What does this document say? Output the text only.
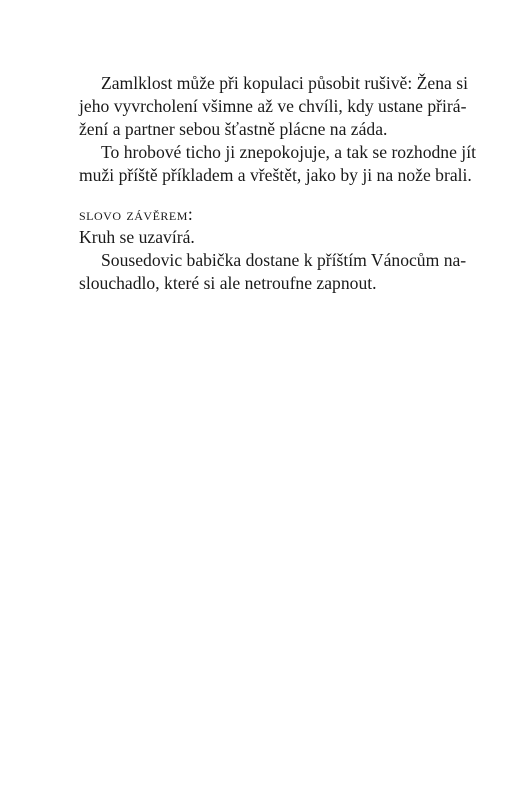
Zamlklost může při kopulaci působit rušivě: Žena si
jeho vyvrcholení všimne až ve chvíli, kdy ustane přirá-
žení a partner sebou šťastně plácne na záda.
To hrobové ticho ji znepokojuje, a tak se rozhodne jít
muži příště příkladem a vřeštět, jako by ji na nože brali.
slovo závěrem:
Kruh se uzavírá.
Sousedovic babička dostane k příštím Vánocům na-
slouchadlo, které si ale netroufne zapnout.
